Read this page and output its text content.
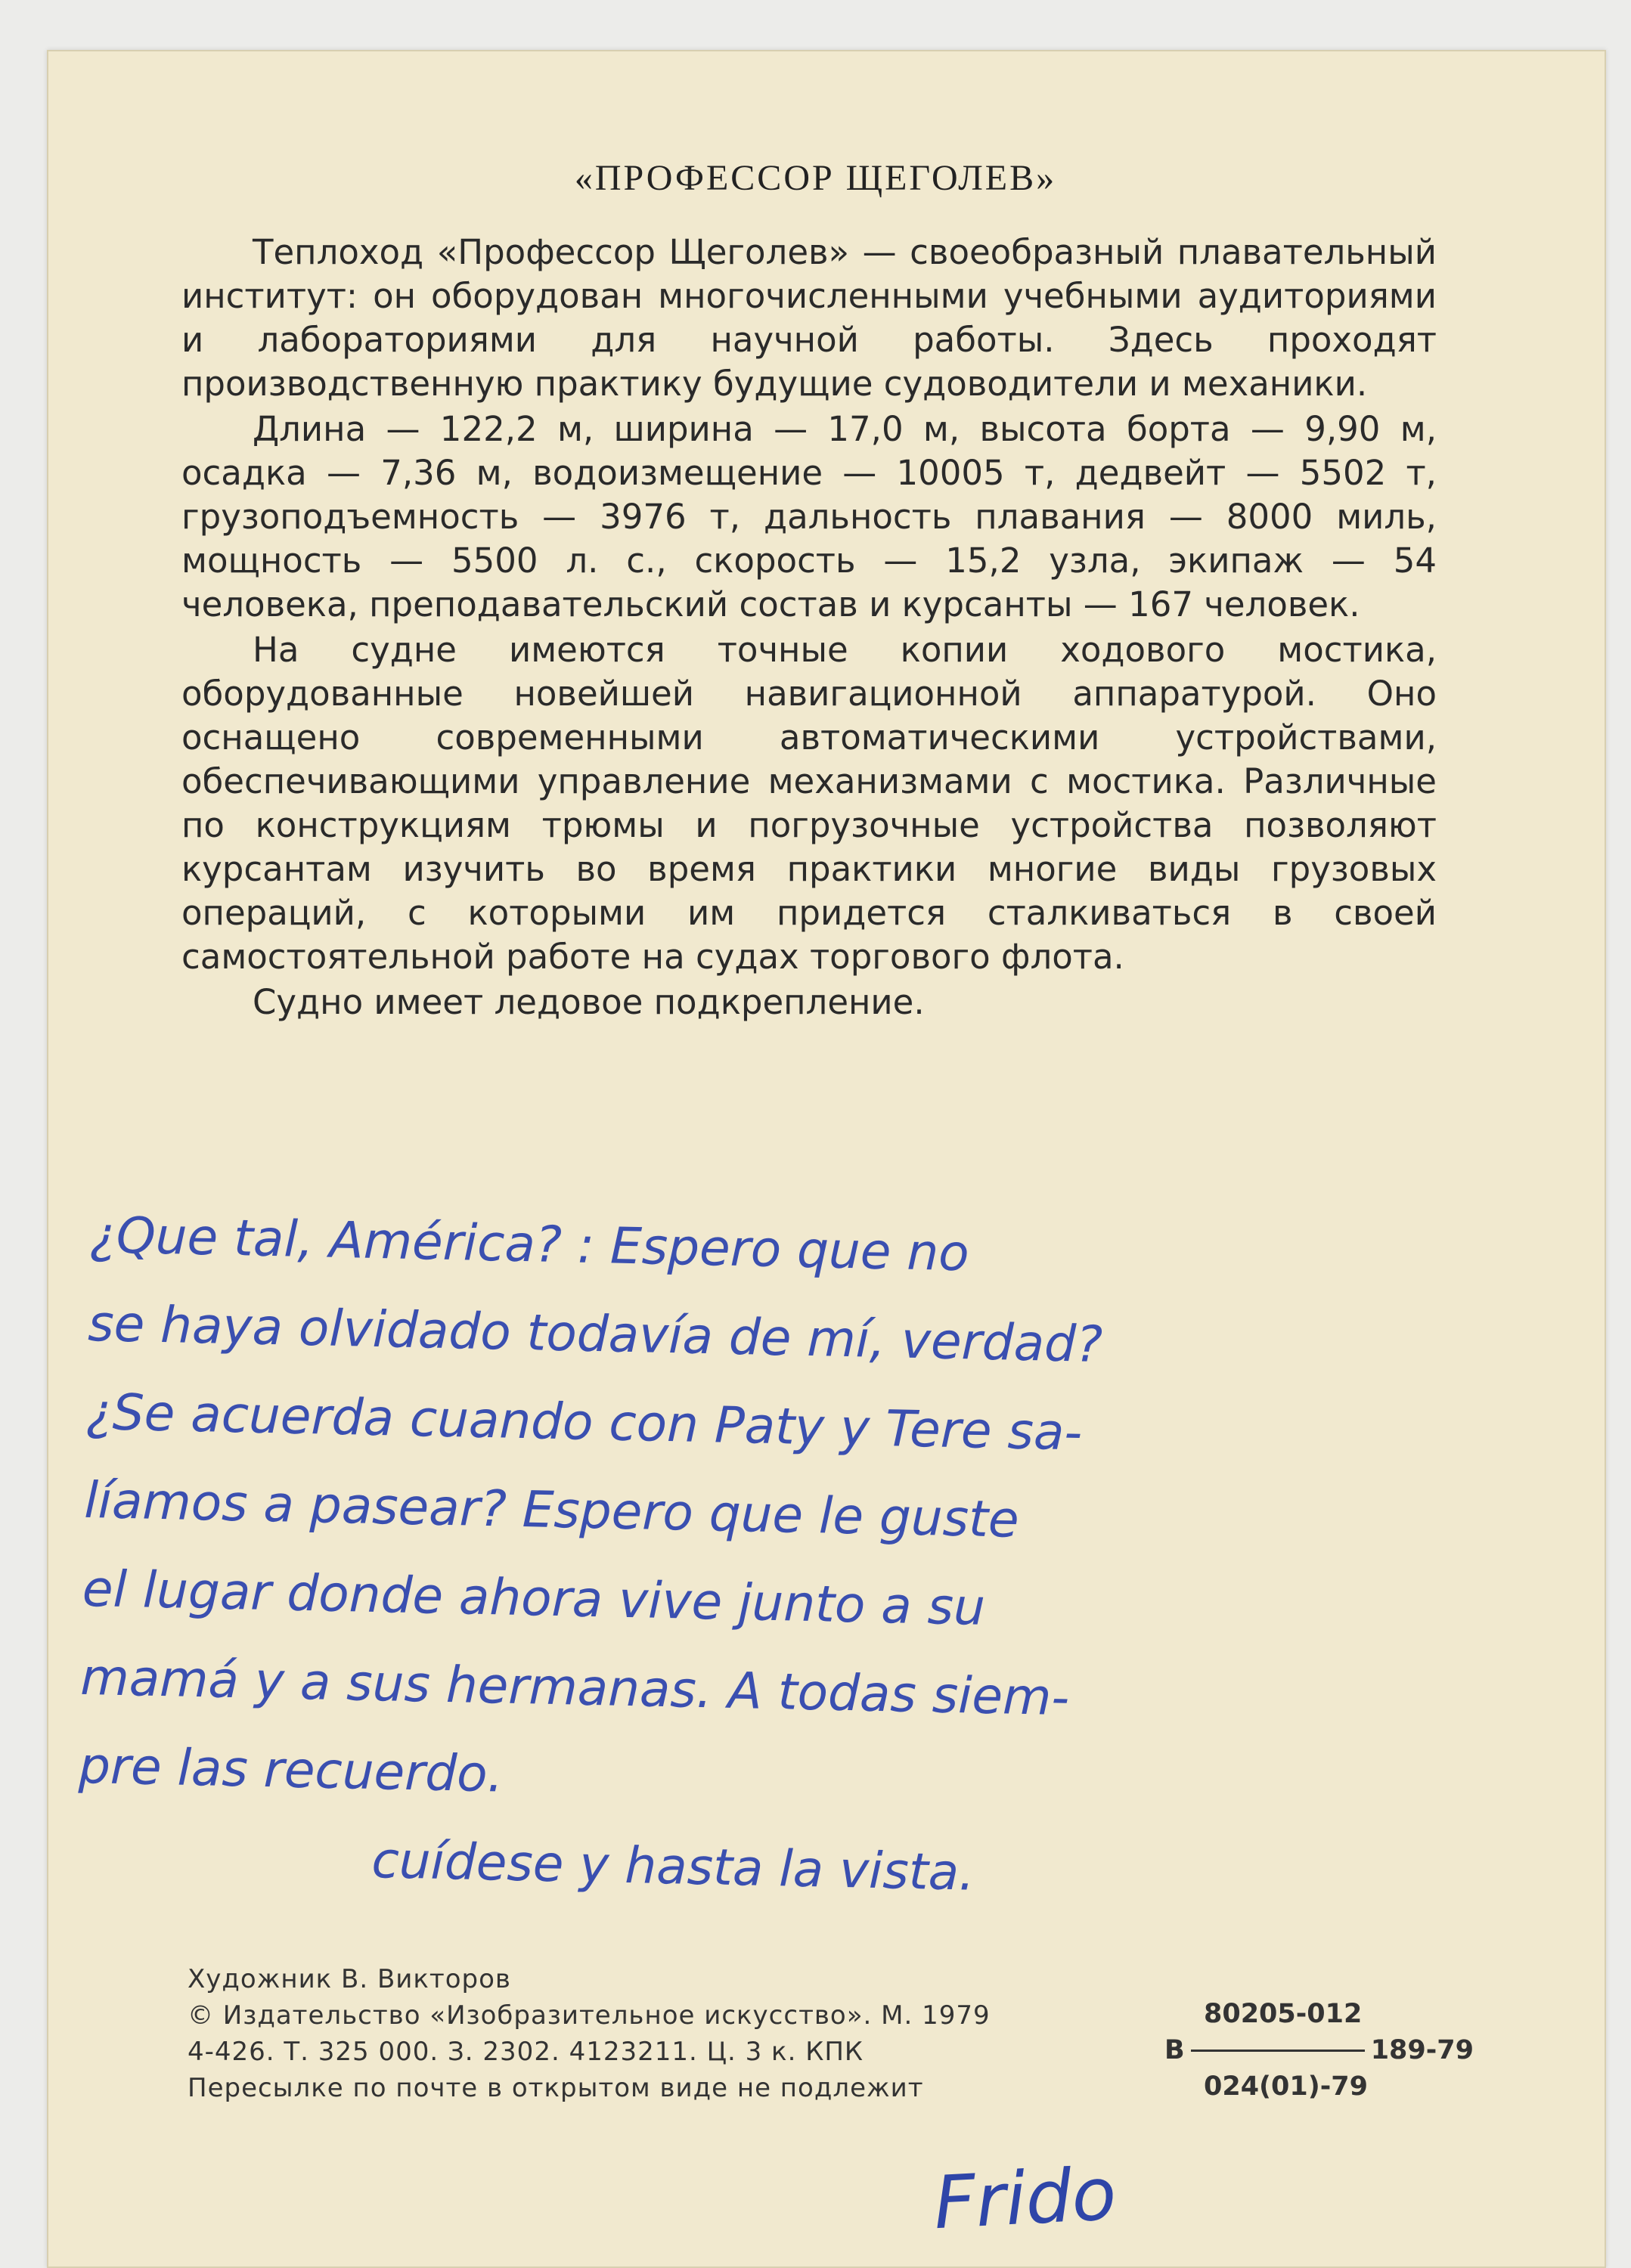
«ПРОФЕССОР ЩЕГОЛЕВ»

Теплоход «Профессор Щеголев» — своеобразный плавательный институт: он оборудован многочисленными учебными аудиториями и лабораториями для научной работы. Здесь проходят производственную практику будущие судоводители и механики.

Длина — 122,2 м, ширина — 17,0 м, высота борта — 9,90 м, осадка — 7,36 м, водоизмещение — 10005 т, дедвейт — 5502 т, грузоподъемность — 3976 т, дальность плавания — 8000 миль, мощность — 5500 л. с., скорость — 15,2 узла, экипаж — 54 человека, преподавательский состав и курсанты — 167 человек.

На судне имеются точные копии ходового мостика, оборудованные новейшей навигационной аппаратурой. Оно оснащено современными автоматическими устройствами, обеспечивающими управление механизмами с мостика. Различные по конструкциям трюмы и погрузочные устройства позволяют курсантам изучить во время практики многие виды грузовых операций, с которыми им придется сталкиваться в своей самостоятельной работе на судах торгового флота.

Судно имеет ледовое подкрепление.

¿Que tal, América? : Espero que no
se haya olvidado todavía de mí, verdad?
¿Se acuerda cuando con Paty y Tere sa-
líamos a pasear? Espero que le guste
el lugar donde ahora vive junto a su
mamá y a sus hermanas. A todas siem-
pre las recuerdo.
cuídese y hasta la vista.
Художник В. Викторов
© Издательство «Изобразительное искусство». М. 1979
4-426. Т. 325 000. З. 2302. 4123211. Ц. 3 к. КПК
Пересылке по почте в открытом виде не подлежит
80205-012
В	189-79
024(01)-79
Frido
